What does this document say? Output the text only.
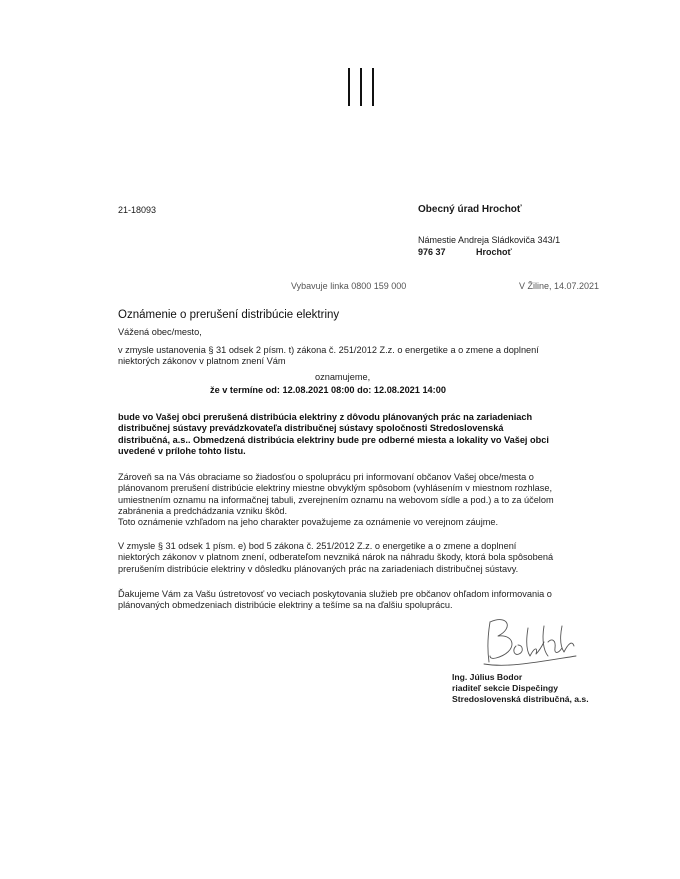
21-18093	Obecný úrad Hrochoť
Námestie Andreja Sládkoviča 343/1
976 37	Hrochoť
Vybavuje linka 0800 159 000	V Žiline, 14.07.2021
Oznámenie o prerušení distribúcie elektriny
Vážená obec/mesto,
v zmysle ustanovenia § 31 odsek 2 písm. t) zákona č. 251/2012 Z.z. o energetike a o zmene a doplnení
niektorých zákonov v platnom znení Vám
oznamujeme,
že v termíne od: 12.08.2021 08:00 do: 12.08.2021 14:00
bude vo Vašej obci prerušená distribúcia elektriny z dôvodu plánovaných prác na zariadeniach
distribučnej sústavy prevádzkovateľa distribučnej sústavy spoločnosti Stredoslovenská
distribučná, a.s.. Obmedzená distribúcia elektriny bude pre odberné miesta a lokality vo Vašej obci
uvedené v prílohe tohto listu.
Zároveň sa na Vás obraciame so žiadosťou o spoluprácu pri informovaní občanov Vašej obce/mesta o
plánovanom prerušení distribúcie elektriny miestne obvyklým spôsobom (vyhlásením v miestnom rozhlase,
umiestnením oznamu na informačnej tabuli, zverejnením oznamu na webovom sídle a pod.) a to za účelom
zabránenia a predchádzania vzniku škôd.
Toto oznámenie vzhľadom na jeho charakter považujeme za oznámenie vo verejnom záujme.
V zmysle § 31 odsek 1 písm. e) bod 5 zákona č. 251/2012 Z.z. o energetike a o zmene a doplnení
niektorých zákonov v platnom znení, odberateľom nevzniká nárok na náhradu škody, ktorá bola spôsobená
prerušením distribúcie elektriny v dôsledku plánovaných prác na zariadeniach distribučnej sústavy.
Ďakujeme Vám za Vašu ústretovosť vo veciach poskytovania služieb pre občanov ohľadom informovania o
plánovaných obmedzeniach distribúcie elektriny a tešíme sa na ďalšiu spoluprácu.
Ing. Július Bodor
riaditeľ sekcie Dispečingy
Stredoslovenská distribučná, a.s.
